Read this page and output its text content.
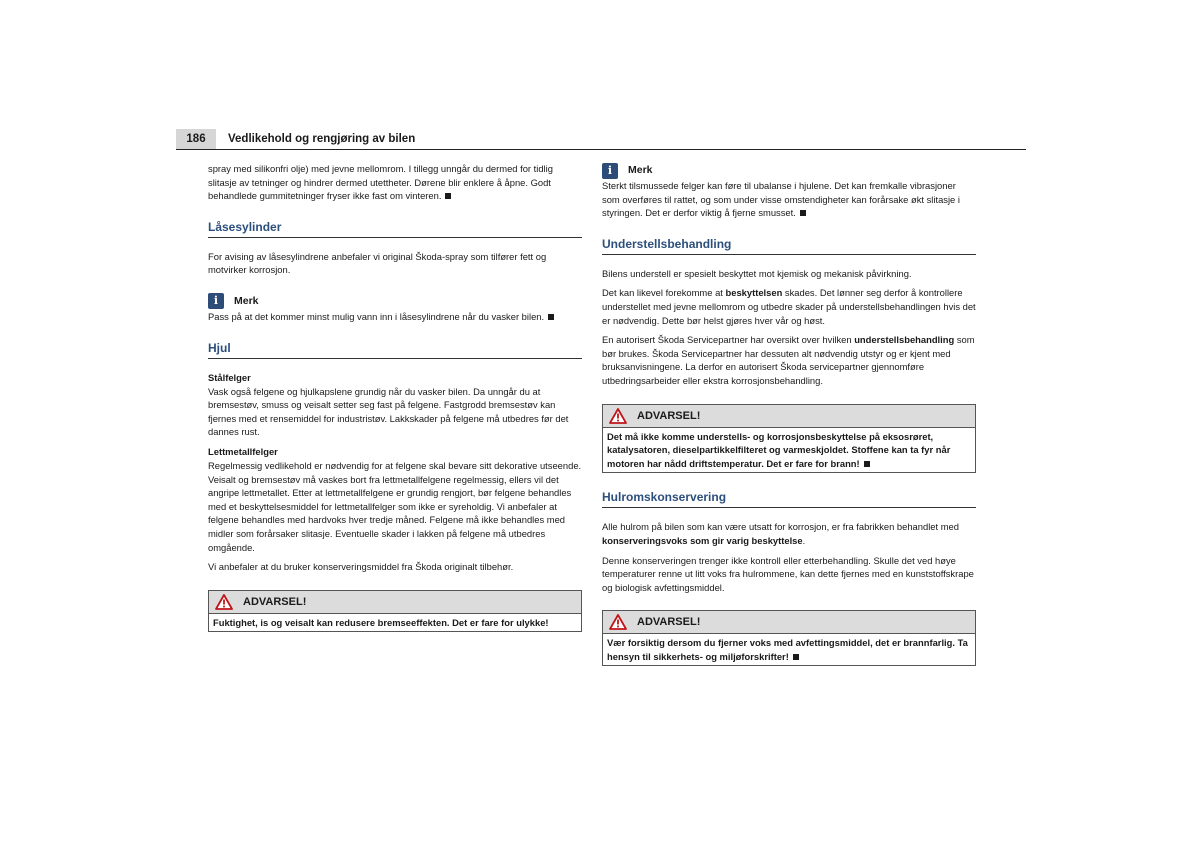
186	Vedlikehold og rengjøring av bilen

spray med silikonfri olje) med jevne mellomrom. I tillegg unngår du dermed for tidlig slitasje av tetninger og hindrer dermed utettheter. Dørene blir enklere å åpne. Godt behandlede gummitetninger fryser ikke fast om vinteren.

Låsesylinder

For avising av låsesylindrene anbefaler vi original Škoda-spray som tilfører fett og motvirker korrosjon.

i	Merk

Pass på at det kommer minst mulig vann inn i låsesylindrene når du vasker bilen.

Hjul
Stålfelger

Vask også felgene og hjulkapslene grundig når du vasker bilen. Da unngår du at bremsestøv, smuss og veisalt setter seg fast på felgene. Fastgrodd bremsestøv kan fjernes med et rensemiddel for industristøv. Lakkskader på felgene må utbedres før det dannes rust.

Lettmetallfelger

Regelmessig vedlikehold er nødvendig for at felgene skal bevare sitt dekorative utseende. Veisalt og bremsestøv må vaskes bort fra lettmetallfelgene regelmessig, ellers vil det angripe lettmetallet. Etter at lettmetallfelgene er grundig rengjort, bør felgene behandles med et beskyttelsesmiddel for lettmetallfelger som ikke er syreholdig. Vi anbefaler at felgene behandles med hardvoks hver tredje måned. Felgene må ikke behandles med midler som forårsaker slitasje. Eventuelle skader i lakken på felgene må utbedres omgående.

Vi anbefaler at du bruker konserveringsmiddel fra Škoda originalt tilbehør.

ADVARSEL!

Fuktighet, is og veisalt kan redusere bremseeffekten. Det er fare for ulykke!

i	Merk

Sterkt tilsmussede felger kan føre til ubalanse i hjulene. Det kan fremkalle vibrasjoner som overføres til rattet, og som under visse omstendigheter kan forårsake økt slitasje i styringen. Det er derfor viktig å fjerne smusset.

Understellsbehandling

Bilens understell er spesielt beskyttet mot kjemisk og mekanisk påvirkning.

Det kan likevel forekomme at beskyttelsen skades. Det lønner seg derfor å kontrollere understellet med jevne mellomrom og utbedre skader på understellsbehandlingen hvis det er nødvendig. Dette bør helst gjøres hver vår og høst.

En autorisert Škoda Servicepartner har oversikt over hvilken understellsbehandling som bør brukes. Škoda Servicepartner har dessuten alt nødvendig utstyr og er kjent med bruksanvisningene. La derfor en autorisert Škoda servicepartner gjennomføre utbedringsarbeider eller ekstra korrosjonsbehandling.

ADVARSEL!

Det må ikke komme understells- og korrosjonsbeskyttelse på eksosrøret, katalysatoren, dieselpartikkelfilteret og varmeskjoldet. Stoffene kan ta fyr når motoren har nådd driftstemperatur. Det er fare for brann!

Hulromskonservering

Alle hulrom på bilen som kan være utsatt for korrosjon, er fra fabrikken behandlet med konserveringsvoks som gir varig beskyttelse.

Denne konserveringen trenger ikke kontroll eller etterbehandling. Skulle det ved høye temperaturer renne ut litt voks fra hulrommene, kan dette fjernes med en kunststoffskrape og biologisk avfettingsmiddel.

ADVARSEL!

Vær forsiktig dersom du fjerner voks med avfettingsmiddel, det er brannfarlig. Ta hensyn til sikkerhets- og miljøforskrifter!
